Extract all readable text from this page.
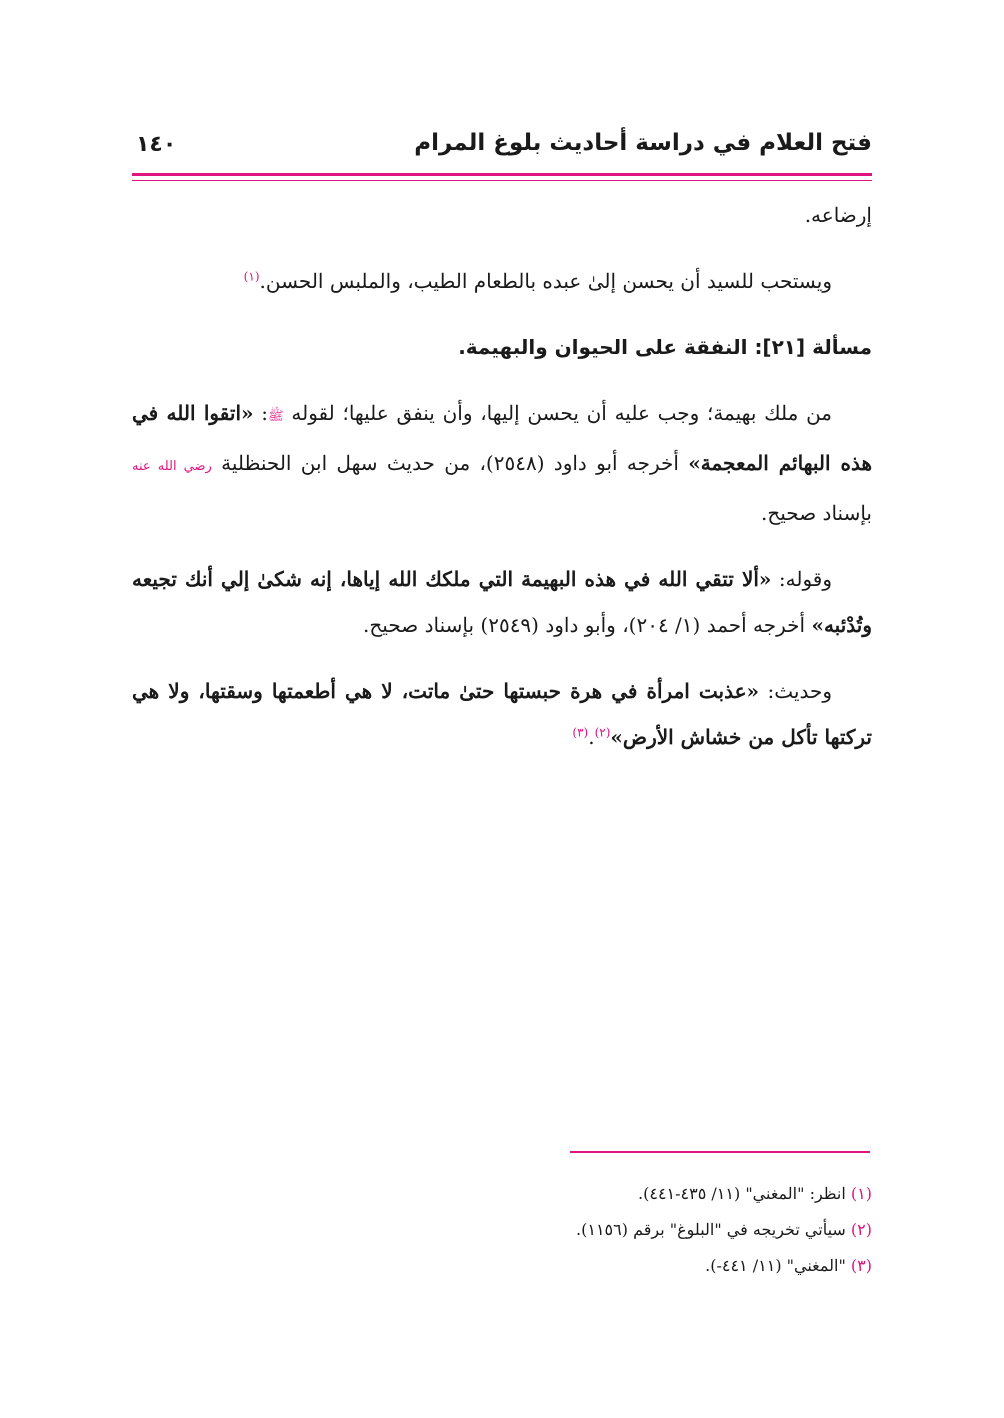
فتح العلام في دراسة أحاديث بلوغ المرام
١٤٠

إرضاعه.

ويستحب للسيد أن يحسن إلىٰ عبده بالطعام الطيب، والملبس الحسن.$^{(١)}$

مسألة [٢١]: النفقة على الحيوان والبهيمة.

من ملك بهيمة؛ وجب عليه أن يحسن إليها، وأن ينفق عليها؛ لقوله ﷺ: «اتقوا الله في هذه البهائم المعجمة» أخرجه أبو داود (٢٥٤٨)، من حديث سهل ابن الحنظلية رضي الله عنه بإسناد صحيح.

وقوله: «ألا تتقي الله في هذه البهيمة التي ملكك الله إياها، إنه شكىٰ إلي أنك تجيعه وتُدْئبه» أخرجه أحمد (١/ ٢٠٤)، وأبو داود (٢٥٤٩) بإسناد صحيح.

وحديث: «عذبت امرأة في هرة حبستها حتىٰ ماتت، لا هي أطعمتها وسقتها، ولا هي تركتها تأكل من خشاش الأرض»$^{(٢)}$.$^{(٣)}$

(١) انظر: "المغني" (١١/ ٤٣٥-٤٤١).

(٢) سيأتي تخريجه في "البلوغ" برقم (١١٥٦).

(٣) "المغني" (١١/ ٤٤١-).
